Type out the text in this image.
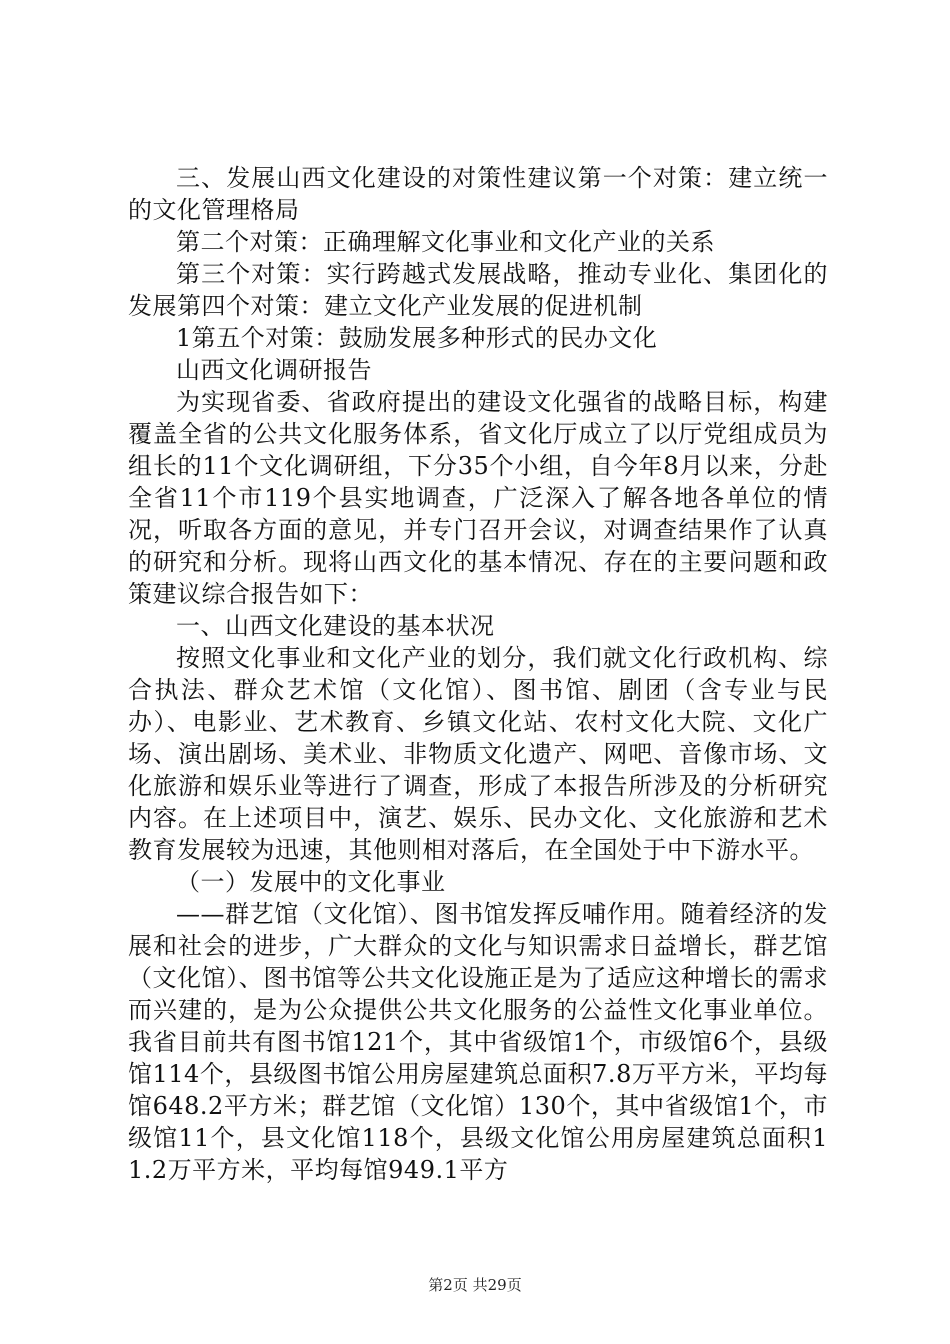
三、发展山西文化建设的对策性建议第一个对策：建立统一的文化管理格局

第二个对策：正确理解文化事业和文化产业的关系

第三个对策：实行跨越式发展战略，推动专业化、集团化的发展第四个对策：建立文化产业发展的促进机制

1第五个对策：鼓励发展多种形式的民办文化

山西文化调研报告

为实现省委、省政府提出的建设文化强省的战略目标，构建覆盖全省的公共文化服务体系，省文化厅成立了以厅党组成员为组长的11个文化调研组，下分35个小组，自今年8月以来，分赴全省11个市119个县实地调查，广泛深入了解各地各单位的情况，听取各方面的意见，并专门召开会议，对调查结果作了认真的研究和分析。现将山西文化的基本情况、存在的主要问题和政策建议综合报告如下：

一、山西文化建设的基本状况

按照文化事业和文化产业的划分，我们就文化行政机构、综合执法、群众艺术馆（文化馆）、图书馆、剧团（含专业与民办）、电影业、艺术教育、乡镇文化站、农村文化大院、文化广场、演出剧场、美术业、非物质文化遗产、网吧、音像市场、文化旅游和娱乐业等进行了调查，形成了本报告所涉及的分析研究内容。在上述项目中，演艺、娱乐、民办文化、文化旅游和艺术教育发展较为迅速，其他则相对落后，在全国处于中下游水平。

（一）发展中的文化事业

——群艺馆（文化馆）、图书馆发挥反哺作用。随着经济的发展和社会的进步，广大群众的文化与知识需求日益增长，群艺馆（文化馆）、图书馆等公共文化设施正是为了适应这种增长的需求而兴建的，是为公众提供公共文化服务的公益性文化事业单位。我省目前共有图书馆121个，其中省级馆1个，市级馆6个，县级馆114个，县级图书馆公用房屋建筑总面积7.8万平方米，平均每馆648.2平方米；群艺馆（文化馆）130个，其中省级馆1个，市级馆11个，县文化馆118个，县级文化馆公用房屋建筑总面积11.2万平方米，平均每馆949.1平方

第2页 共29页
